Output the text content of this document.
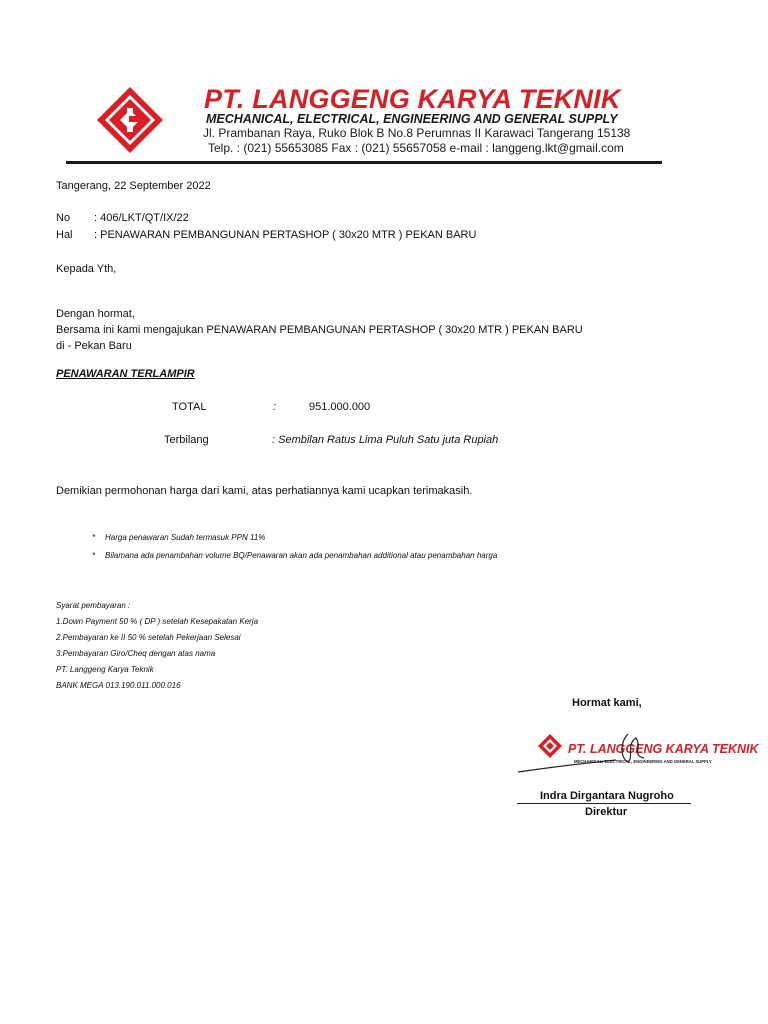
PT. LANGGENG KARYA TEKNIK
MECHANICAL, ELECTRICAL, ENGINEERING AND GENERAL SUPPLY
Jl. Prambanan Raya, Ruko Blok B No.8 Perumnas II Karawaci Tangerang 15138
Telp. : (021) 55653085 Fax : (021) 55657058 e-mail : langgeng.lkt@gmail.com
Tangerang, 22 September 2022
No : 406/LKT/QT/IX/22
Hal : PENAWARAN PEMBANGUNAN PERTASHOP ( 30x20 MTR ) PEKAN BARU
Kepada Yth,
Dengan hormat,
Bersama ini kami mengajukan PENAWARAN PEMBANGUNAN PERTASHOP ( 30x20 MTR ) PEKAN BARU
di - Pekan Baru
PENAWARAN TERLAMPIR
TOTAL	:	951.000.000
Terbilang	: Sembilan Ratus Lima Puluh Satu juta Rupiah
Demikian permohonan harga dari kami, atas perhatiannya kami ucapkan terimakasih.
* Harga penawaran Sudah termasuk PPN 11%
* Bilamana ada penambahan volume BQ/Penawaran akan ada penambahan additional atau penambahan harga
Syarat pembayaran :
1.Down Payment 50 % ( DP ) setelah Kesepakatan Kerja
2.Pembayaran ke II 50 % setelah Pekerjaan Selesai
3.Pembayaran Giro/Cheq dengan atas nama
PT. Langgeng Karya Teknik
BANK MEGA 013.190.011.000.016
Hormat kami,
PT. LANGGENG KARYA TEKNIK
MECHANICAL, ELECTRICAL, ENGINEERING AND GENERAL SUPPLY
Indra Dirgantara Nugroho
Direktur
